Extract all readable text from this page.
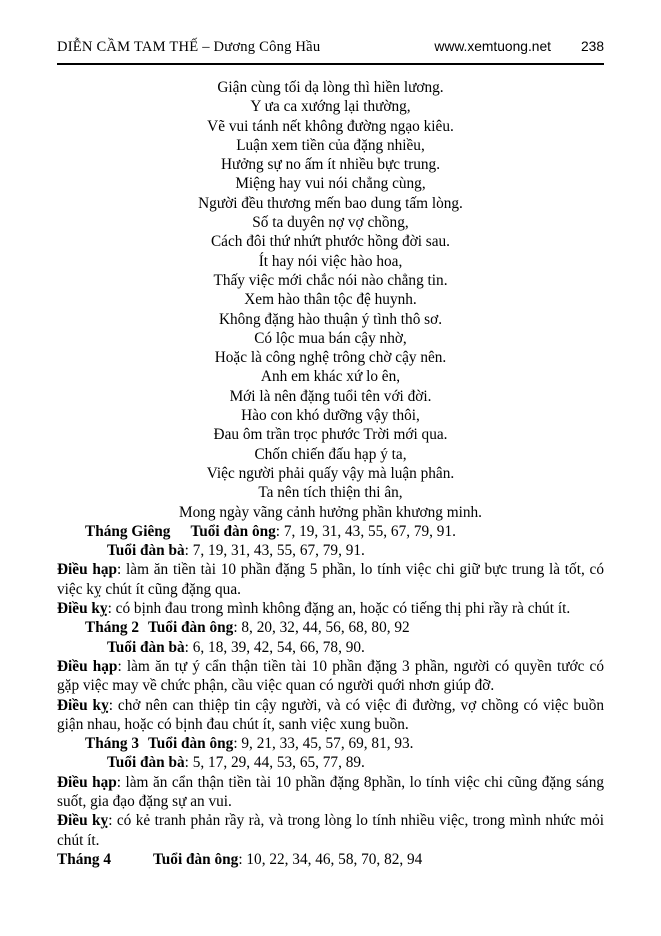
DIỄN CẦM TAM THẾ – Dương Công Hầu	www.xemtuong.net 238
Giận cùng tối dạ lòng thì hiền lương.
Y ưa ca xướng lại thường,
Vẽ vui tánh nết không đường ngạo kiêu.
Luận xem tiền của đặng nhiều,
Hưởng sự no ấm ít nhiều bực trung.
Miệng hay vui nói chẳng cùng,
Người đều thương mến bao dung tấm lòng.
Số ta duyên nợ vợ chồng,
Cách đôi thứ nhứt phước hồng đời sau.
Ít hay nói việc hào hoa,
Thấy việc mới chắc nói nào chẳng tin.
Xem hào thân tộc đệ huynh.
Không đặng hào thuận ý tình thô sơ.
Có lộc mua bán cậy nhờ,
Hoặc là công nghệ trông chờ cậy nên.
Anh em khác xứ lo ên,
Mới là nên đặng tuổi tên với đời.
Hào con khó dưỡng vậy thôi,
Đau ôm trần trọc phước Trời mới qua.
Chốn chiến đấu hạp ý ta,
Việc người phải quấy vậy mà luận phân.
Ta nên tích thiện thi ân,
Mong ngày vãng cảnh hưởng phần khương minh.

Tháng Giêng Tuổi đàn ông: 7, 19, 31, 43, 55, 67, 79, 91.

Tuổi đàn bà: 7, 19, 31, 43, 55, 67, 79, 91.

Điều hạp: làm ăn tiền tài 10 phần đặng 5 phần, lo tính việc chi giữ bực trung là tốt, có việc kỵ chút ít cũng đặng qua.

Điều kỵ: có bịnh đau trong mình không đặng an, hoặc có tiếng thị phi rầy rà chút ít.

Tháng 2 Tuổi đàn ông: 8, 20, 32, 44, 56, 68, 80, 92

Tuổi đàn bà: 6, 18, 39, 42, 54, 66, 78, 90.

Điều hạp: làm ăn tự ý cẩn thận tiền tài 10 phần đặng 3 phần, người có quyền tước có gặp việc may về chức phận, cầu việc quan có người quới nhơn giúp đỡ.

Điều kỵ: chở nên can thiệp tin cậy người, và có việc đi đường, vợ chồng có việc buồn giận nhau, hoặc có bịnh đau chút ít, sanh việc xung buồn.

Tháng 3 Tuổi đàn ông: 9, 21, 33, 45, 57, 69, 81, 93.

Tuổi đàn bà: 5, 17, 29, 44, 53, 65, 77, 89.

Điều hạp: làm ăn cẩn thận tiền tài 10 phần đặng 8phần, lo tính việc chi cũng đặng sáng suốt, gia đạo đặng sự an vui.

Điều kỵ: có kẻ tranh phản rầy rà, và trong lòng lo tính nhiều việc, trong mình nhức mỏi chút ít.

Tháng 4	Tuổi đàn ông: 10, 22, 34, 46, 58, 70, 82, 94
